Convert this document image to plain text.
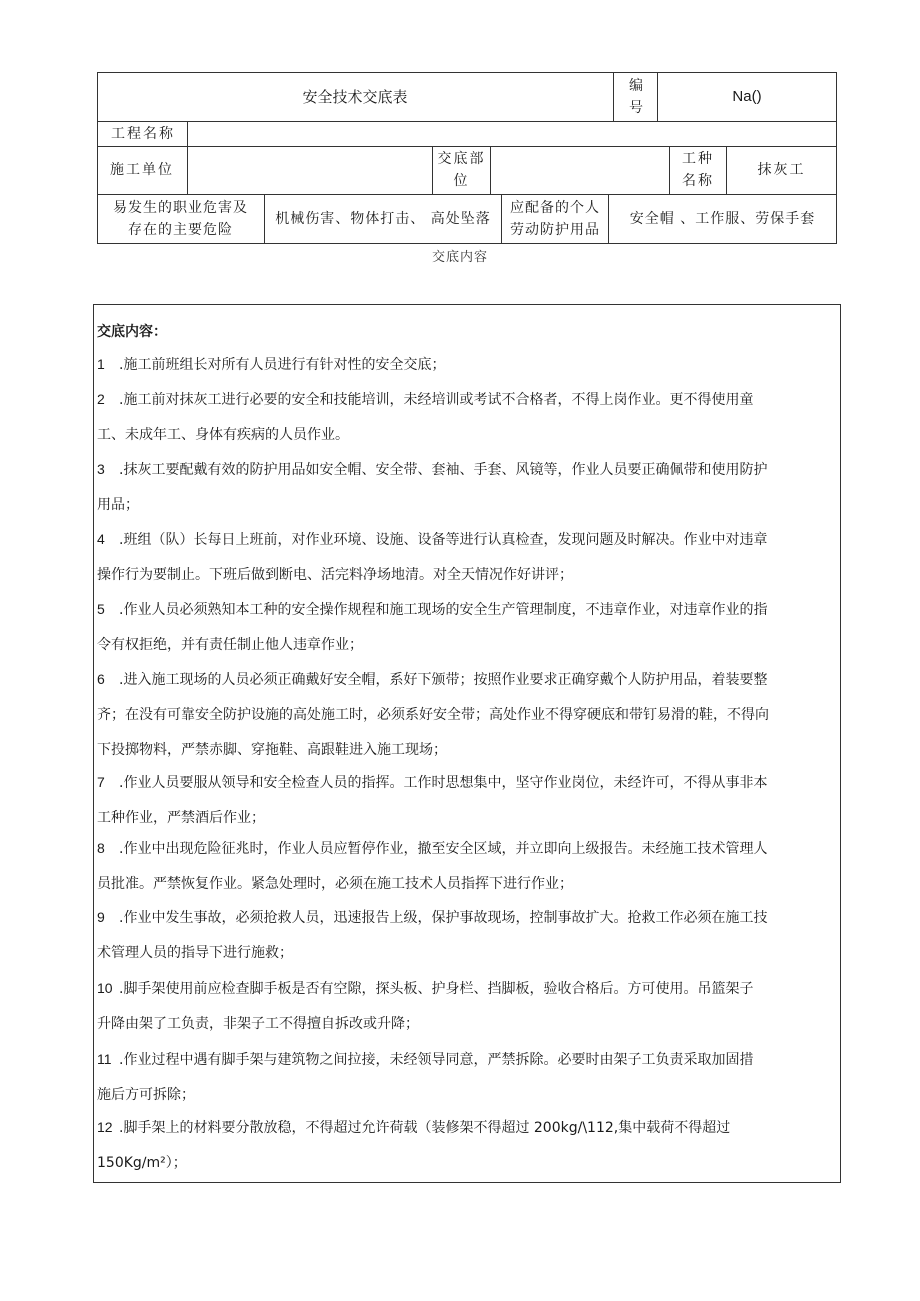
安全技术交底表
编号
Na()
工程名称
施工单位
交底部位
工种名称
抹灰工
易发生的职业危害及存在的主要危险
机械伤害、物体打击、 高处坠落
应配备的个人劳动防护用品
安全帽 、工作服、劳保手套
交底内容
交底内容：
1 .施工前班组长对所有人员进行有针对性的安全交底；
2 .施工前对抹灰工进行必要的安全和技能培训，未经培训或考试不合格者，不得上岗作业。更不得使用童
工、未成年工、身体有疾病的人员作业。
3 .抹灰工要配戴有效的防护用品如安全帽、安全带、套袖、手套、风镜等，作业人员要正确佩带和使用防护
用品；
4 .班组（队）长每日上班前，对作业环境、设施、设备等进行认真检查，发现问题及时解决。作业中对违章
操作行为要制止。下班后做到断电、活完料净场地清。对全天情况作好讲评；
5 .作业人员必须熟知本工种的安全操作规程和施工现场的安全生产管理制度，不违章作业，对违章作业的指
令有权拒绝，并有责任制止他人违章作业；
6 .进入施工现场的人员必须正确戴好安全帽，系好下颁带；按照作业要求正确穿戴个人防护用品，着装要整
齐；在没有可靠安全防护设施的高处施工时，必须系好安全带；高处作业不得穿硬底和带钉易滑的鞋，不得向
下投掷物料，严禁赤脚、穿拖鞋、高跟鞋进入施工现场；
7 .作业人员要服从领导和安全检查人员的指挥。工作时思想集中，坚守作业岗位，未经许可，不得从事非本
工种作业，严禁酒后作业；
8 .作业中出现危险征兆时，作业人员应暂停作业，撤至安全区域，并立即向上级报告。未经施工技术管理人
员批准。严禁恢复作业。紧急处理时，必须在施工技术人员指挥下进行作业；
9 .作业中发生事故，必须抢救人员，迅速报告上级，保护事故现场，控制事故扩大。抢救工作必须在施工技
术管理人员的指导下进行施救；
10 .脚手架使用前应检查脚手板是否有空隙，探头板、护身栏、挡脚板，验收合格后。方可使用。吊篮架子
升降由架了工负责，非架子工不得擅自拆改或升降；
11 .作业过程中遇有脚手架与建筑物之间拉接，未经领导同意，严禁拆除。必要时由架子工负责采取加固措
施后方可拆除；
12 .脚手架上的材料要分散放稳，不得超过允许荷载（装修架不得超过 200kg/\112,集中载荷不得超过
150Kg∕m²）；
